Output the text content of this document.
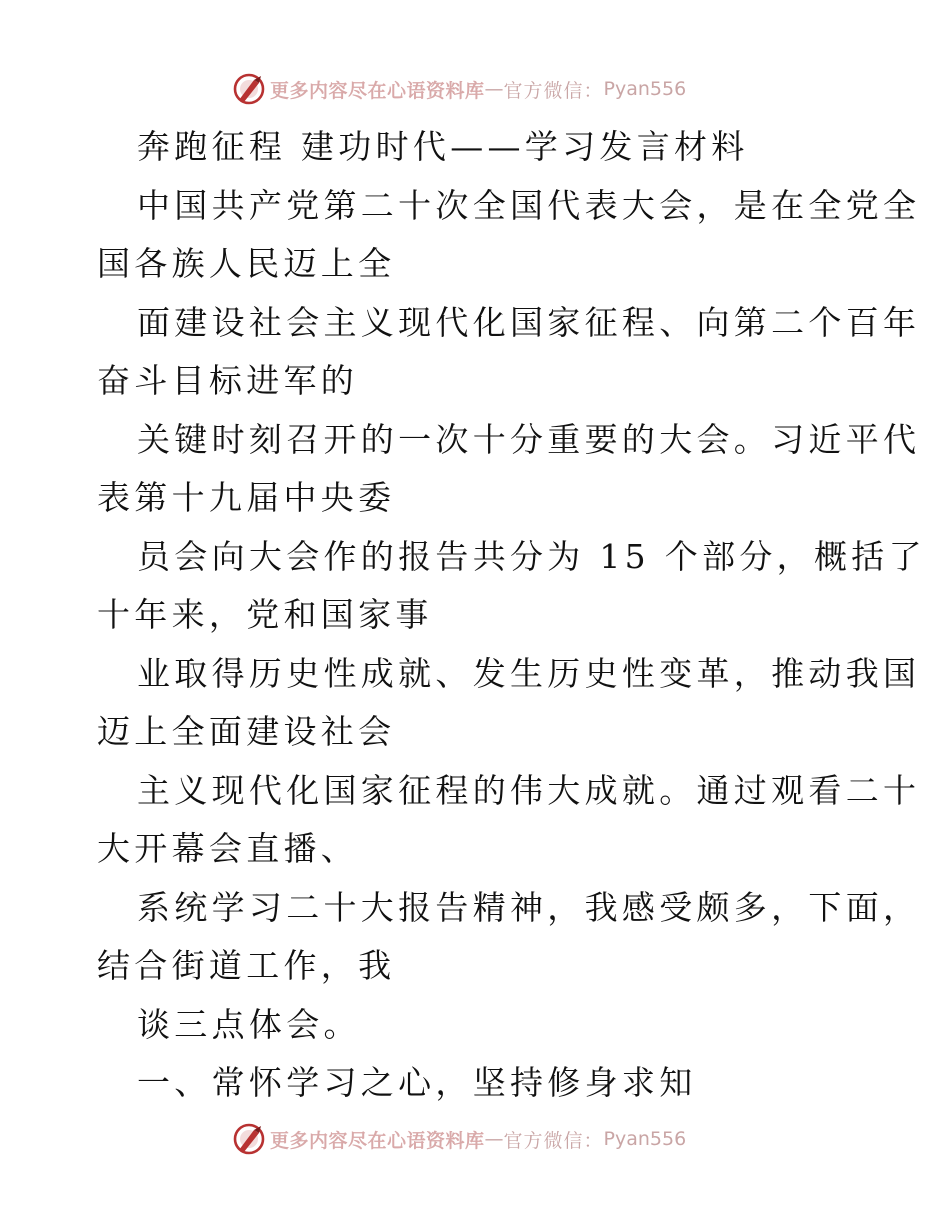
更多内容尽在心语资料库 — 官方微信： Pyan556
奔跑征程 建功时代——学习发言材料
中国共产党第二十次全国代表大会，是在全党全
国各族人民迈上全
面建设社会主义现代化国家征程、向第二个百年
奋斗目标进军的
关键时刻召开的一次十分重要的大会。习近平代
表第十九届中央委
员会向大会作的报告共分为 15 个部分，概括了
十年来，党和国家事
业取得历史性成就、发生历史性变革，推动我国
迈上全面建设社会
主义现代化国家征程的伟大成就。通过观看二十
大开幕会直播、
系统学习二十大报告精神，我感受颇多，下面，
结合街道工作，我
谈三点体会。
一、常怀学习之心，坚持修身求知
更多内容尽在心语资料库 — 官方微信： Pyan556
